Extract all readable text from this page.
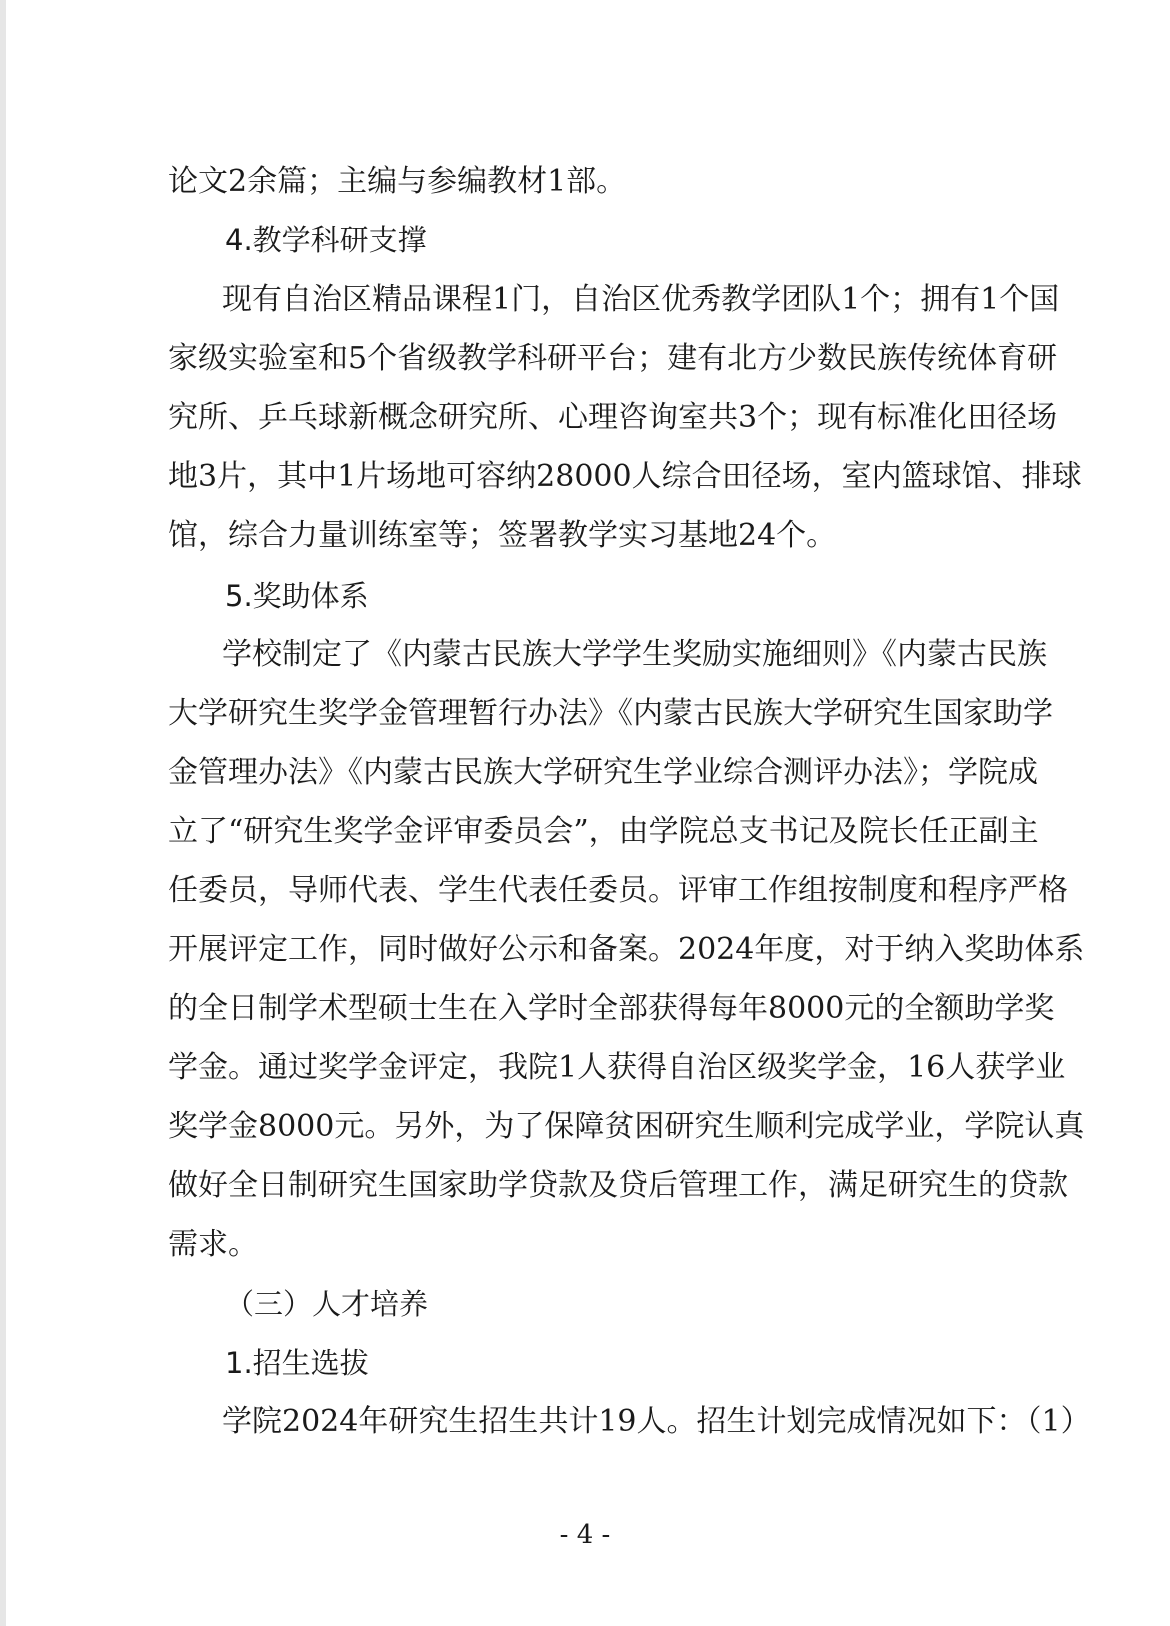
论文2余篇；主编与参编教材1部。
4.教学科研支撑
现有自治区精品课程1门，自治区优秀教学团队1个；拥有1个国
家级实验室和5个省级教学科研平台；建有北方少数民族传统体育研
究所、乒乓球新概念研究所、心理咨询室共3个；现有标准化田径场
地3片，其中1片场地可容纳28000人综合田径场，室内篮球馆、排球
馆，综合力量训练室等；签署教学实习基地24个。
5.奖助体系
学校制定了《内蒙古民族大学学生奖励实施细则》《内蒙古民族
大学研究生奖学金管理暂行办法》《内蒙古民族大学研究生国家助学
金管理办法》《内蒙古民族大学研究生学业综合测评办法》；学院成
立了“研究生奖学金评审委员会”，由学院总支书记及院长任正副主
任委员，导师代表、学生代表任委员。评审工作组按制度和程序严格
开展评定工作，同时做好公示和备案。2024年度，对于纳入奖助体系
的全日制学术型硕士生在入学时全部获得每年8000元的全额助学奖
学金。通过奖学金评定，我院1人获得自治区级奖学金，16人获学业
奖学金8000元。另外，为了保障贫困研究生顺利完成学业，学院认真
做好全日制研究生国家助学贷款及贷后管理工作，满足研究生的贷款
需求。
（三）人才培养
1.招生选拔
学院2024年研究生招生共计19人。招生计划完成情况如下：（1）
- 4 -
